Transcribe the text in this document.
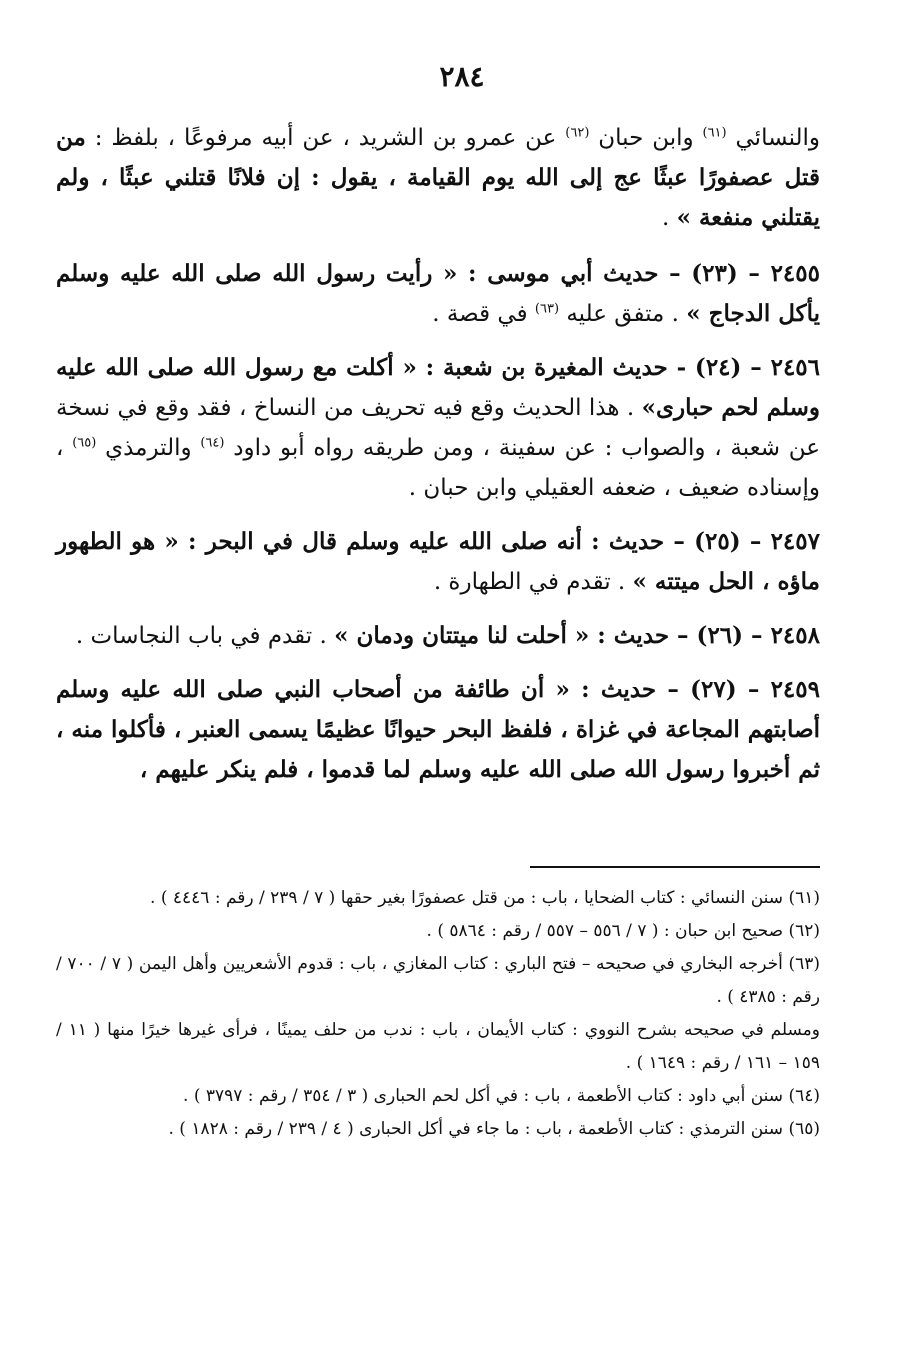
٢٨٤

والنسائي $^{(٦١)}$ وابن حبان $^{(٦٢)}$ عن عمرو بن الشريد ، عن أبيه مرفوعًا ، بلفظ : من قتل عصفورًا عبثًا عج إلى الله يوم القيامة ، يقول : إن فلانًا قتلني عبثًا ، ولم يقتلني منفعة » .

٢٤٥٥ – (٢٣) – حديث أبي موسى : « رأيت رسول الله صلى الله عليه وسلم يأكل الدجاج » . متفق عليه $^{(٦٣)}$ في قصة .

٢٤٥٦ – (٢٤) - حديث المغيرة بن شعبة : « أكلت مع رسول الله صلى الله عليه وسلم لحم حبارى» . هذا الحديث وقع فيه تحريف من النساخ ، فقد وقع في نسخة عن شعبة ، والصواب : عن سفينة ، ومن طريقه رواه أبو داود $^{(٦٤)}$ والترمذي $^{(٦٥)}$ ، وإسناده ضعيف ، ضعفه العقيلي وابن حبان .

٢٤٥٧ – (٢٥) – حديث : أنه صلى الله عليه وسلم قال في البحر : « هو الطهور ماؤه ، الحل ميتته » . تقدم في الطهارة .

٢٤٥٨ – (٢٦) – حديث : « أحلت لنا ميتتان ودمان » . تقدم في باب النجاسات .

٢٤٥٩ – (٢٧) – حديث : « أن طائفة من أصحاب النبي صلى الله عليه وسلم أصابتهم المجاعة في غزاة ، فلفظ البحر حيوانًا عظيمًا يسمى العنبر ، فأكلوا منه ، ثم أخبروا رسول الله صلى الله عليه وسلم لما قدموا ، فلم ينكر عليهم ،

(٦١) سنن النسائي : كتاب الضحايا ، باب : من قتل عصفورًا بغير حقها ( ٧ / ٢٣٩ / رقم : ٤٤٤٦ ) .

(٦٢) صحيح ابن حبان : ( ٧ / ٥٥٦ – ٥٥٧ / رقم : ٥٨٦٤ ) .

(٦٣) أخرجه البخاري في صحيحه – فتح الباري : كتاب المغازي ، باب : قدوم الأشعريين وأهل اليمن ( ٧ / ٧٠٠ / رقم : ٤٣٨٥ ) .

ومسلم في صحيحه بشرح النووي : كتاب الأيمان ، باب : ندب من حلف يمينًا ، فرأى غيرها خيرًا منها ( ١١ / ١٥٩ – ١٦١ / رقم : ١٦٤٩ ) .

(٦٤) سنن أبي داود : كتاب الأطعمة ، باب : في أكل لحم الحبارى ( ٣ / ٣٥٤ / رقم : ٣٧٩٧ ) .

(٦٥) سنن الترمذي : كتاب الأطعمة ، باب : ما جاء في أكل الحبارى ( ٤ / ٢٣٩ / رقم : ١٨٢٨ ) .
